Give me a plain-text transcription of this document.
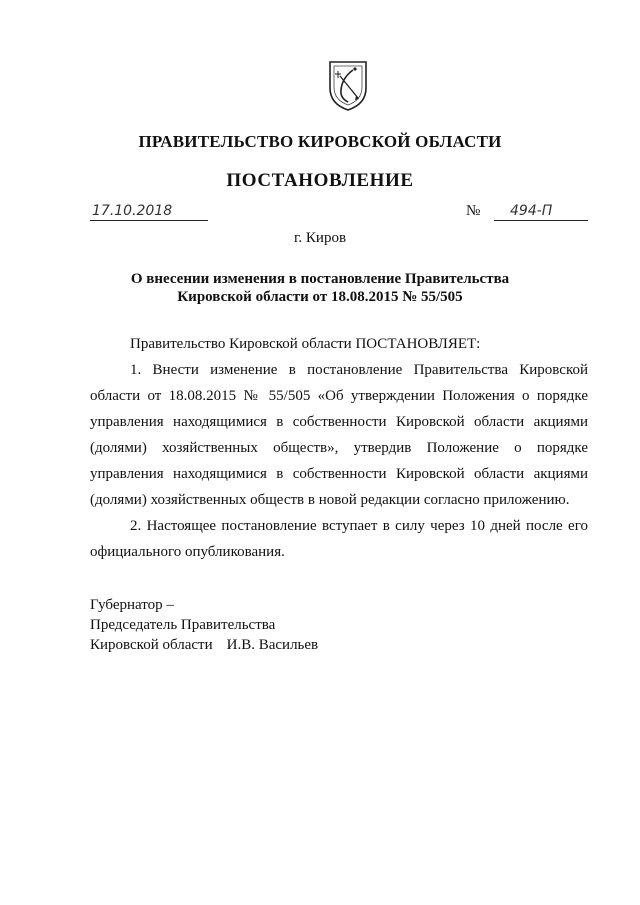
ПРАВИТЕЛЬСТВО КИРОВСКОЙ ОБЛАСТИ
ПОСТАНОВЛЕНИЕ
17.10.2018	№ 494-П
г. Киров
О внесении изменения в постановление Правительства
Кировской области от 18.08.2015 № 55/505

Правительство Кировской области ПОСТАНОВЛЯЕТ:

1. Внести изменение в постановление Правительства Кировской области от 18.08.2015 № 55/505 «Об утверждении Положения о порядке управления находящимися в собственности Кировской области акциями (долями) хозяйственных обществ», утвердив Положение о порядке управления находящимися в собственности Кировской области акциями (долями) хозяйственных обществ в новой редакции согласно приложению.

2. Настоящее постановление вступает в силу через 10 дней после его официального опубликования.

Губернатор –
Председатель Правительства
Кировской области И.В. Васильев
